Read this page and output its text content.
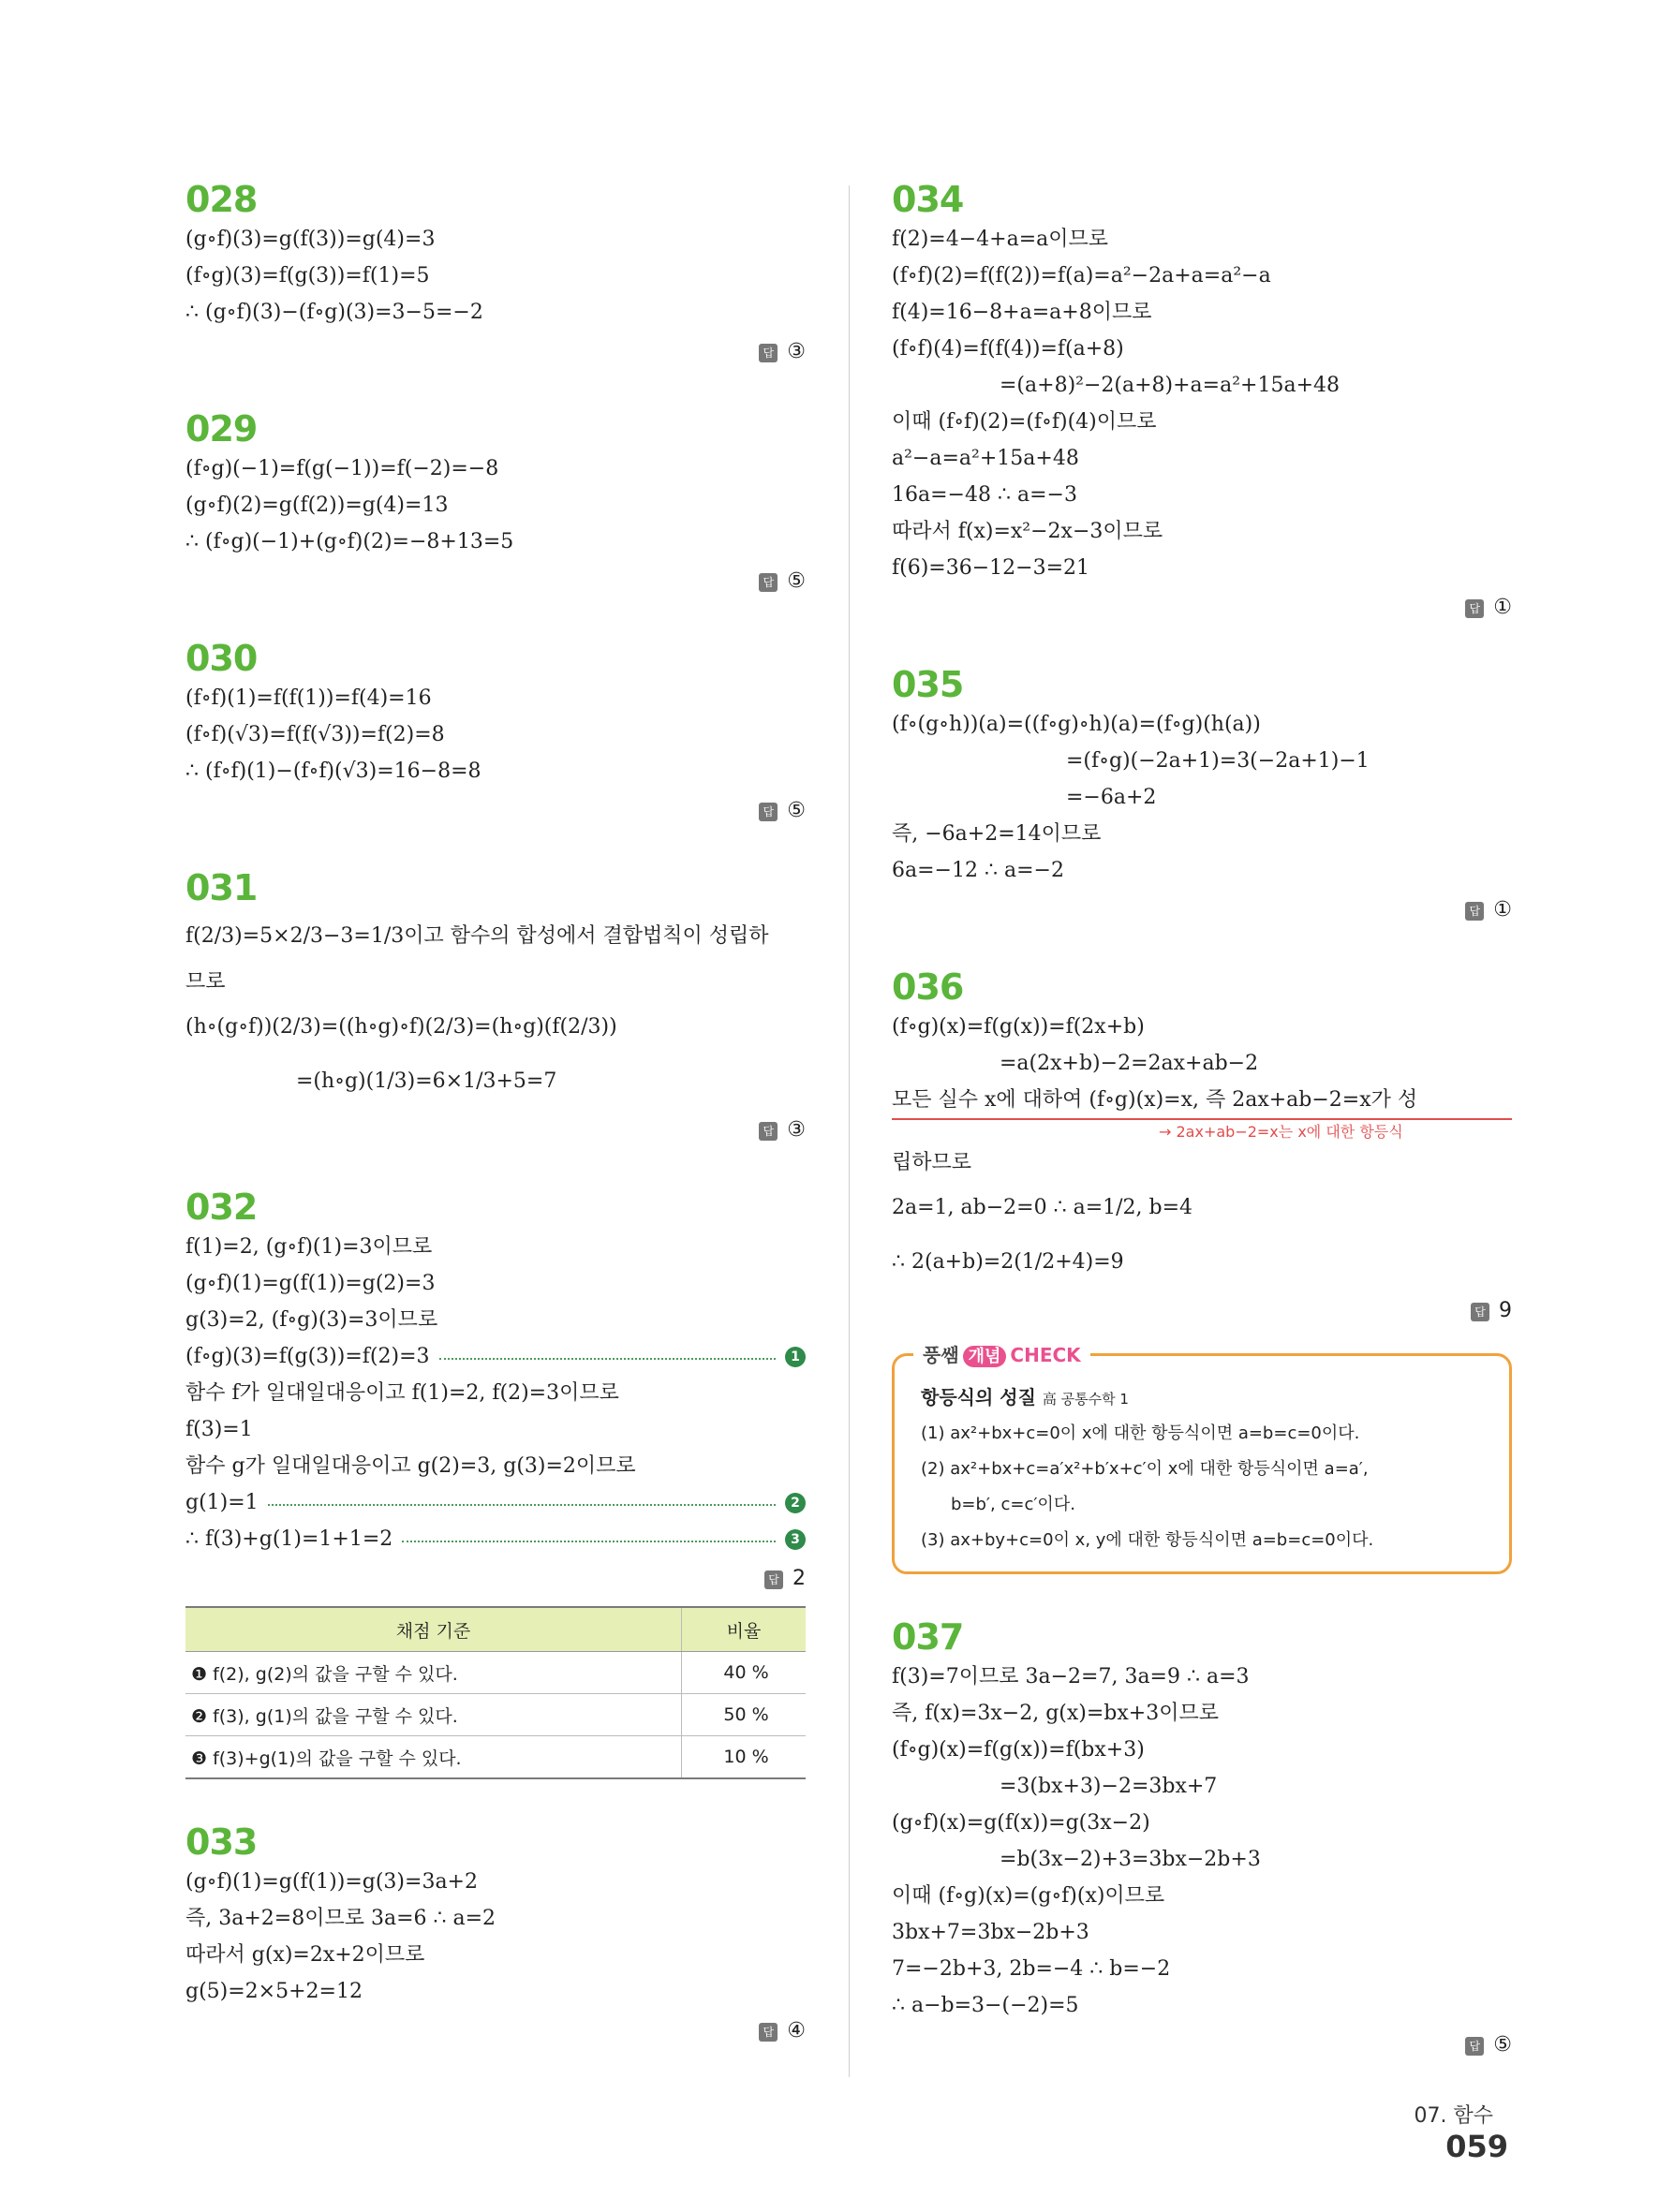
028
(g∘f)(3)=g(f(3))=g(4)=3
(f∘g)(3)=f(g(3))=f(1)=5
∴ (g∘f)(3)−(f∘g)(3)=3−5=−2
답 ③
029
(f∘g)(−1)=f(g(−1))=f(−2)=−8
(g∘f)(2)=g(f(2))=g(4)=13
∴ (f∘g)(−1)+(g∘f)(2)=−8+13=5
답 ⑤
030
(f∘f)(1)=f(f(1))=f(4)=16
(f∘f)(√3)=f(f(√3))=f(2)=8
∴ (f∘f)(1)−(f∘f)(√3)=16−8=8
답 ⑤
031
f(2/3)=5×2/3−3=1/3이고 함수의 합성에서 결합법칙이 성립하
므로
(h∘(g∘f))(2/3)=((h∘g)∘f)(2/3)=(h∘g)(f(2/3))
=(h∘g)(1/3)=6×1/3+5=7
답 ③
032
f(1)=2, (g∘f)(1)=3이므로
(g∘f)(1)=g(f(1))=g(2)=3
g(3)=2, (f∘g)(3)=3이므로
(f∘g)(3)=f(g(3))=f(2)=3	1
함수 f가 일대일대응이고 f(1)=2, f(2)=3이므로
f(3)=1
함수 g가 일대일대응이고 g(2)=3, g(3)=2이므로
g(1)=1	2
∴ f(3)+g(1)=1+1=2	3
답 2
채점 기준	비율
❶ f(2), g(2)의 값을 구할 수 있다.	40 %
❷ f(3), g(1)의 값을 구할 수 있다.	50 %
❸ f(3)+g(1)의 값을 구할 수 있다.	10 %
033
(g∘f)(1)=g(f(1))=g(3)=3a+2
즉, 3a+2=8이므로 3a=6 ∴ a=2
따라서 g(x)=2x+2이므로
g(5)=2×5+2=12
답 ④
034
f(2)=4−4+a=a이므로
(f∘f)(2)=f(f(2))=f(a)=a²−2a+a=a²−a
f(4)=16−8+a=a+8이므로
(f∘f)(4)=f(f(4))=f(a+8)
=(a+8)²−2(a+8)+a=a²+15a+48
이때 (f∘f)(2)=(f∘f)(4)이므로
a²−a=a²+15a+48
16a=−48 ∴ a=−3
따라서 f(x)=x²−2x−3이므로
f(6)=36−12−3=21
답 ①
035
(f∘(g∘h))(a)=((f∘g)∘h)(a)=(f∘g)(h(a))
=(f∘g)(−2a+1)=3(−2a+1)−1
=−6a+2
즉, −6a+2=14이므로
6a=−12 ∴ a=−2
답 ①
036
(f∘g)(x)=f(g(x))=f(2x+b)
=a(2x+b)−2=2ax+ab−2
모든 실수 x에 대하여 (f∘g)(x)=x, 즉 2ax+ab−2=x가 성
→ 2ax+ab−2=x는 x에 대한 항등식
립하므로
2a=1, ab−2=0 ∴ a=1/2, b=4
∴ 2(a+b)=2(1/2+4)=9
답 9
풍쌤 개념 CHECK
항등식의 성질 高 공통수학 1
(1) ax²+bx+c=0이 x에 대한 항등식이면 a=b=c=0이다.
(2) ax²+bx+c=a′x²+b′x+c′이 x에 대한 항등식이면 a=a′,
b=b′, c=c′이다.
(3) ax+by+c=0이 x, y에 대한 항등식이면 a=b=c=0이다.
037
f(3)=7이므로 3a−2=7, 3a=9 ∴ a=3
즉, f(x)=3x−2, g(x)=bx+3이므로
(f∘g)(x)=f(g(x))=f(bx+3)
=3(bx+3)−2=3bx+7
(g∘f)(x)=g(f(x))=g(3x−2)
=b(3x−2)+3=3bx−2b+3
이때 (f∘g)(x)=(g∘f)(x)이므로
3bx+7=3bx−2b+3
7=−2b+3, 2b=−4 ∴ b=−2
∴ a−b=3−(−2)=5
답 ⑤
07. 함수059
